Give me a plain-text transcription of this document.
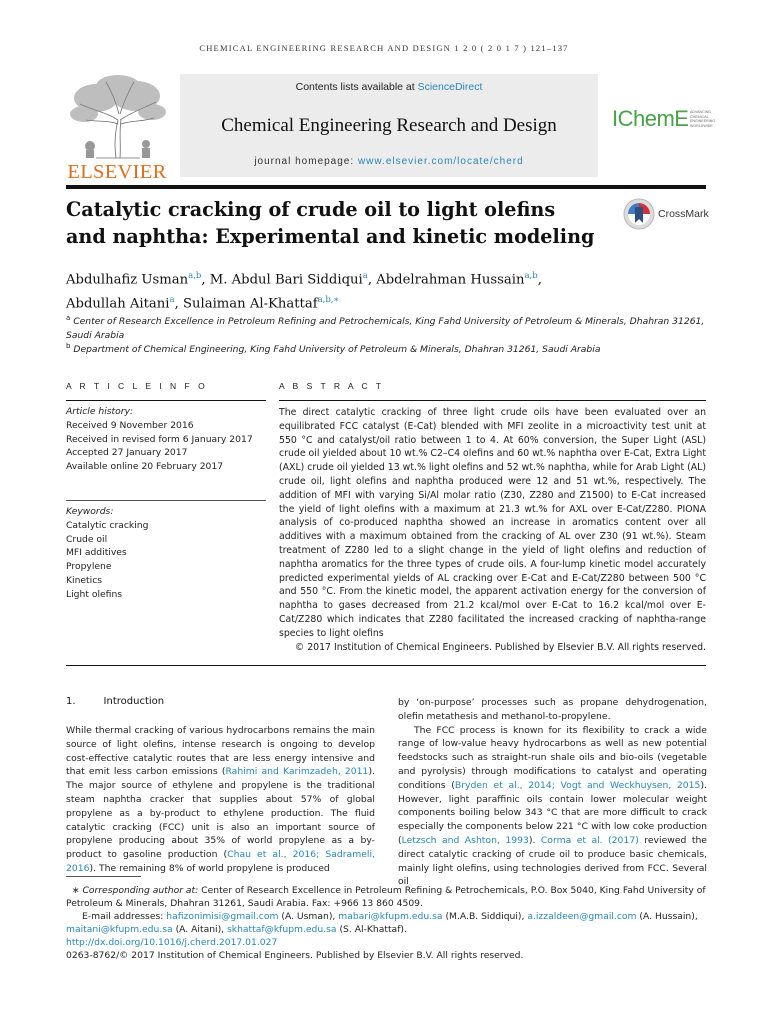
CHEMICAL ENGINEERING RESEARCH AND DESIGN 1 2 0 ( 2 0 1 7 ) 121–137
ELSEVIER
Contents lists available at ScienceDirect
Chemical Engineering Research and Design
journal homepage: www.elsevier.com/locate/cherd
IChemE ADVANCING CHEMICAL ENGINEERING WORLDWIDE
Catalytic cracking of crude oil to light olefins and naphtha: Experimental and kinetic modeling
CrossMark
Abdulhafiz Usman$^{a,b}$, M. Abdul Bari Siddiqui$^a$, Abdelrahman Hussain$^{a,b}$,
Abdullah Aitani$^a$, Sulaiman Al-Khattaf$^{a,b,∗}$
$^a$ Center of Research Excellence in Petroleum Refining and Petrochemicals, King Fahd University of Petroleum & Minerals, Dhahran 31261, Saudi Arabia
$^b$ Department of Chemical Engineering, King Fahd University of Petroleum & Minerals, Dhahran 31261, Saudi Arabia
A R T I C L E I N F O
Article history:
Received 9 November 2016
Received in revised form 6 January 2017
Accepted 27 January 2017
Available online 20 February 2017
Keywords:
Catalytic cracking
Crude oil
MFI additives
Propylene
Kinetics
Light olefins
A B S T R A C T
The direct catalytic cracking of three light crude oils have been evaluated over an equilibrated FCC catalyst (E-Cat) blended with MFI zeolite in a microactivity test unit at 550 °C and catalyst/oil ratio between 1 to 4. At 60% conversion, the Super Light (ASL) crude oil yielded about 10 wt.% C2–C4 olefins and 60 wt.% naphtha over E-Cat, Extra Light (AXL) crude oil yielded 13 wt.% light olefins and 52 wt.% naphtha, while for Arab Light (AL) crude oil, light olefins and naphtha produced were 12 and 51 wt.%, respectively. The addition of MFI with varying Si/Al molar ratio (Z30, Z280 and Z1500) to E-Cat increased the yield of light olefins with a maximum at 21.3 wt.% for AXL over E-Cat/Z280. PIONA analysis of co-produced naphtha showed an increase in aromatics content over all additives with a maximum obtained from the cracking of AL over Z30 (91 wt.%). Steam treatment of Z280 led to a slight change in the yield of light olefins and reduction of naphtha aromatics for the three types of crude oils. A four-lump kinetic model accurately predicted experimental yields of AL cracking over E-Cat and E-Cat/Z280 between 500 °C and 550 °C. From the kinetic model, the apparent activation energy for the conversion of naphtha to gases decreased from 21.2 kcal/mol over E-Cat to 16.2 kcal/mol over E-Cat/Z280 which indicates that Z280 facilitated the increased cracking of naphtha-range species to light olefins
© 2017 Institution of Chemical Engineers. Published by Elsevier B.V. All rights reserved.
1.	Introduction
While thermal cracking of various hydrocarbons remains the main source of light olefins, intense research is ongoing to develop cost-effective catalytic routes that are less energy intensive and that emit less carbon emissions (Rahimi and Karimzadeh, 2011). The major source of ethylene and propylene is the traditional steam naphtha cracker that supplies about 57% of global propylene as a by-product to ethylene production. The fluid catalytic cracking (FCC) unit is also an important source of propylene producing about 35% of world propylene as a by-product to gasoline production (Chau et al., 2016; Sadrameli, 2016). The remaining 8% of world propylene is produced
by ‘on-purpose’ processes such as propane dehydrogenation, olefin metathesis and methanol-to-propylene.
The FCC process is known for its flexibility to crack a wide range of low-value heavy hydrocarbons as well as new potential feedstocks such as straight-run shale oils and bio-oils (vegetable and pyrolysis) through modifications to catalyst and operating conditions (Bryden et al., 2014; Vogt and Weckhuysen, 2015). However, light paraffinic oils contain lower molecular weight components boiling below 343 °C that are more difficult to crack especially the components below 221 °C with low coke production (Letzsch and Ashton, 1993). Corma et al. (2017) reviewed the direct catalytic cracking of crude oil to produce basic chemicals, mainly light olefins, using technologies derived from FCC. Several oil
∗ Corresponding author at: Center of Research Excellence in Petroleum Refining & Petrochemicals, P.O. Box 5040, King Fahd University of Petroleum & Minerals, Dhahran 31261, Saudi Arabia. Fax: +966 13 860 4509.
E-mail addresses: hafizonimisi@gmail.com (A. Usman), mabari@kfupm.edu.sa (M.A.B. Siddiqui), a.izzaldeen@gmail.com (A. Hussain), maitani@kfupm.edu.sa (A. Aitani), skhattaf@kfupm.edu.sa (S. Al-Khattaf).
http://dx.doi.org/10.1016/j.cherd.2017.01.027
0263-8762/© 2017 Institution of Chemical Engineers. Published by Elsevier B.V. All rights reserved.
